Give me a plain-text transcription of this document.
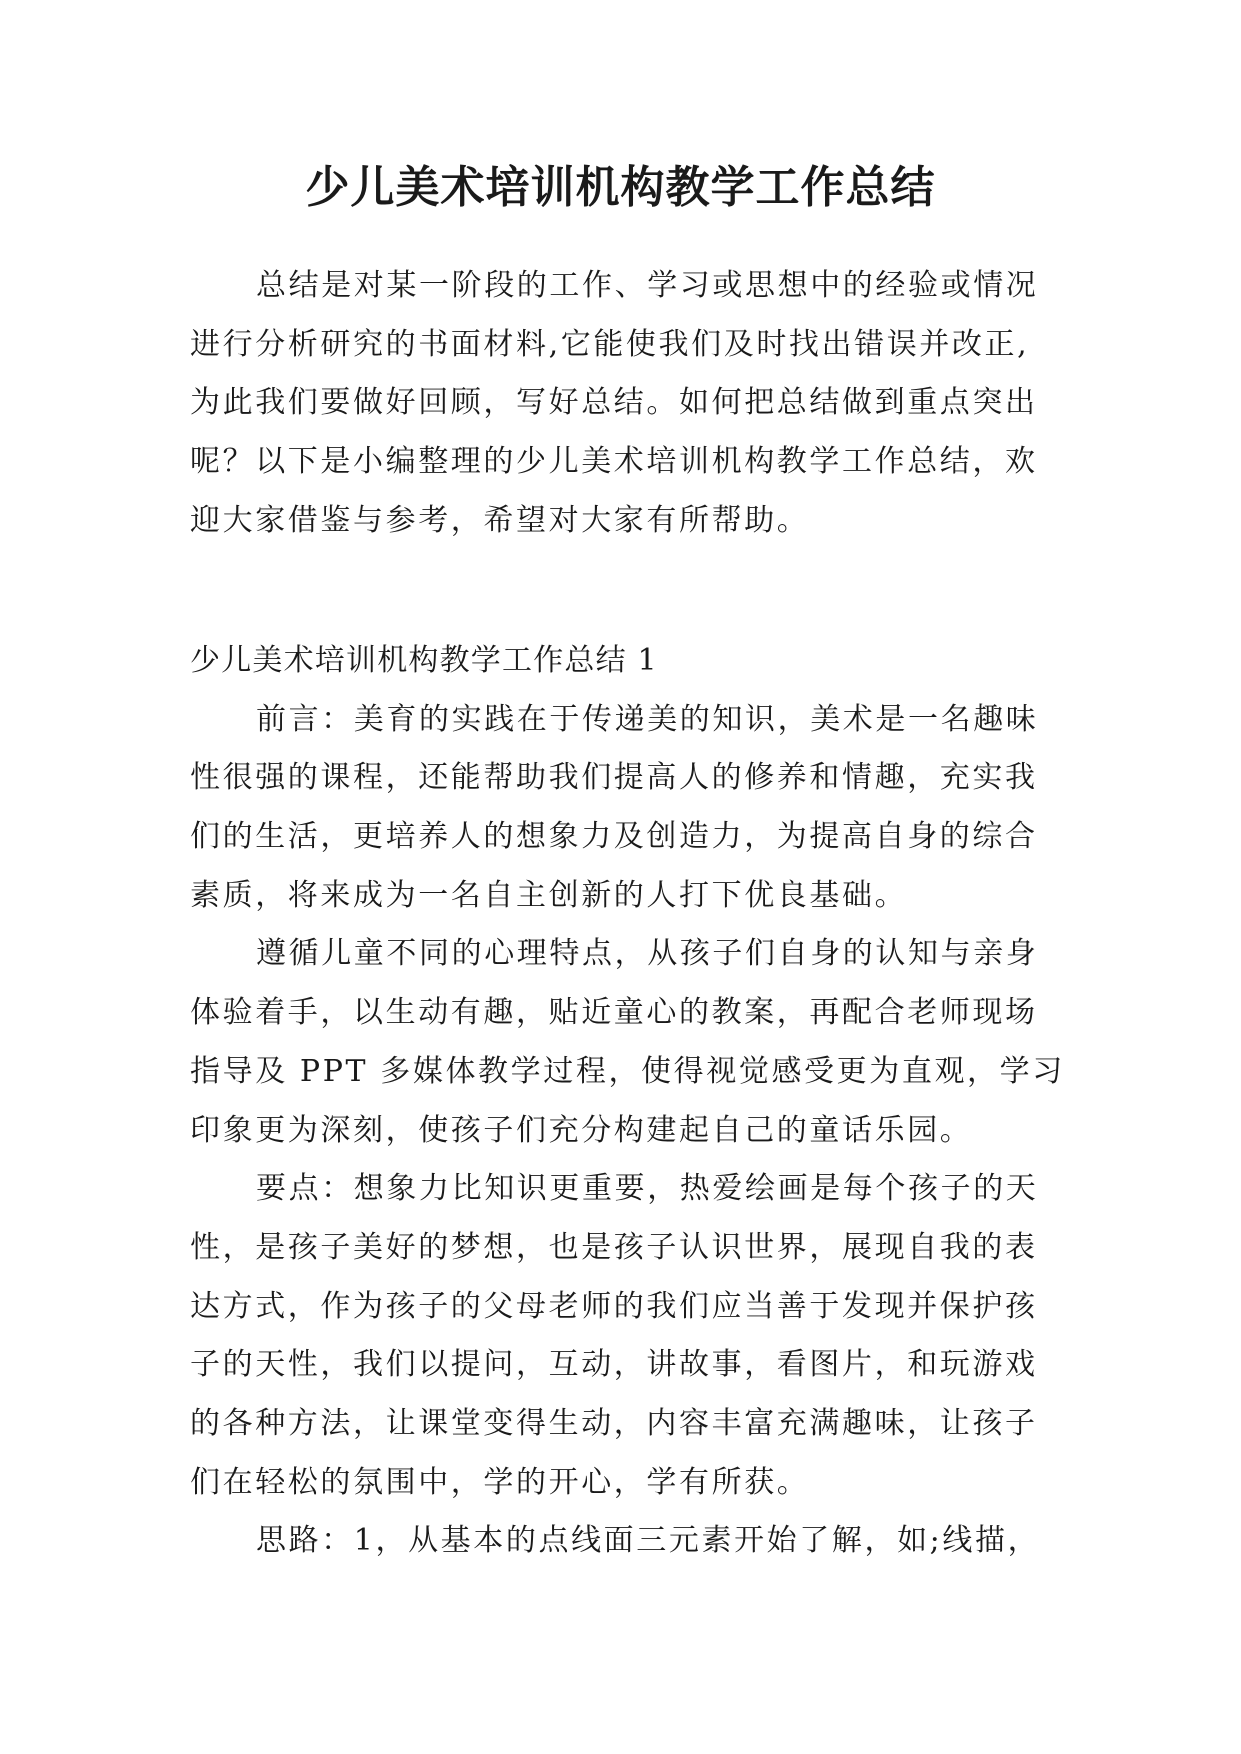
少儿美术培训机构教学工作总结

总结是对某一阶段的工作、学习或思想中的经验或情况
进行分析研究的书面材料,它能使我们及时找出错误并改正,
为此我们要做好回顾，写好总结。如何把总结做到重点突出
呢？以下是小编整理的少儿美术培训机构教学工作总结，欢
迎大家借鉴与参考，希望对大家有所帮助。

少儿美术培训机构教学工作总结 1

前言：美育的实践在于传递美的知识，美术是一名趣味
性很强的课程，还能帮助我们提高人的修养和情趣，充实我
们的生活，更培养人的想象力及创造力，为提高自身的综合
素质，将来成为一名自主创新的人打下优良基础。

遵循儿童不同的心理特点，从孩子们自身的认知与亲身
体验着手，以生动有趣，贴近童心的教案，再配合老师现场
指导及 PPT 多媒体教学过程，使得视觉感受更为直观，学习
印象更为深刻，使孩子们充分构建起自己的童话乐园。

要点：想象力比知识更重要，热爱绘画是每个孩子的天
性，是孩子美好的梦想，也是孩子认识世界，展现自我的表
达方式，作为孩子的父母老师的我们应当善于发现并保护孩
子的天性，我们以提问，互动，讲故事，看图片，和玩游戏
的各种方法，让课堂变得生动，内容丰富充满趣味，让孩子
们在轻松的氛围中，学的开心，学有所获。

思路：1，从基本的点线面三元素开始了解，如;线描，
